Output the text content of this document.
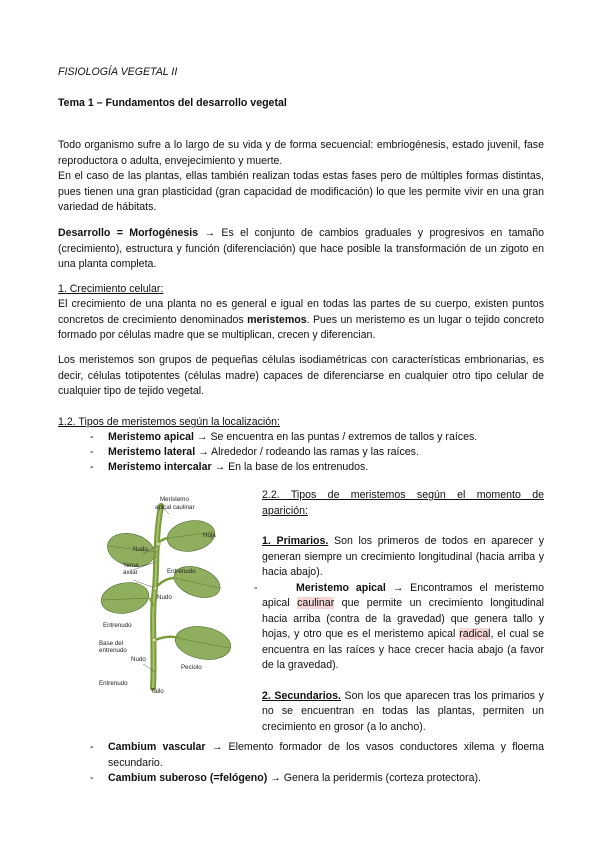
FISIOLOGÍA VEGETAL II
Tema 1 – Fundamentos del desarrollo vegetal
Todo organismo sufre a lo largo de su vida y de forma secuencial: embriogénesis, estado juvenil, fase reproductora o adulta, envejecimiento y muerte.
En el caso de las plantas, ellas también realizan todas estas fases pero de múltiples formas distintas, pues tienen una gran plasticidad (gran capacidad de modificación) lo que les permite vivir en una gran variedad de hábitats.
Desarrollo = Morfogénesis → Es el conjunto de cambios graduales y progresivos en tamaño (crecimiento), estructura y función (diferenciación) que hace posible la transformación de un zigoto en una planta completa.
1. Crecimiento celular:
El crecimiento de una planta no es general e igual en todas las partes de su cuerpo, existen puntos concretos de crecimiento denominados meristemos. Pues un meristemo es un lugar o tejido concreto formado por células madre que se multiplican, crecen y diferencian.
Los meristemos son grupos de pequeñas células isodiamétricas con características embrionarias, es decir, células totipotentes (células madre) capaces de diferenciarse en cualquier otro tipo celular de cualquier tipo de tejido vegetal.
1.2. Tipos de meristemos según la localización:
- Meristemo apical → Se encuentra en las puntas / extremos de tallos y raíces.
- Meristemo lateral → Alrededor / rodeando las ramas y las raíces.
- Meristemo intercalar → En la base de los entrenudos.
Meristemo
apical caulinar
Hoja
Nudo
Yema
axilar	Entrenudo
Nudo
Entrenudo
Base del
entrenudo
Nudo
Pecíolo
Entrenudo
Tallo
2.2. Tipos de meristemos según el momento de
aparición:
1. Primarios. Son los primeros de todos en aparecer y generan siempre un crecimiento longitudinal (hacia arriba y hacia abajo).
-	Meristemo apical → Encontramos el meristemo apical caulinar que permite un crecimiento longitudinal hacia arriba (contra de la gravedad) que genera tallo y hojas, y otro que es el meristemo apical radical, el cual se encuentra en las raíces y hace crecer hacia abajo (a favor de la gravedad).
2. Secundarios. Son los que aparecen tras los primarios y no se encuentran en todas las plantas, permiten un crecimiento en grosor (a lo ancho).
- Cambium vascular → Elemento formador de los vasos conductores xilema y floema secundario.
- Cambium suberoso (=felógeno) → Genera la peridermis (corteza protectora).
